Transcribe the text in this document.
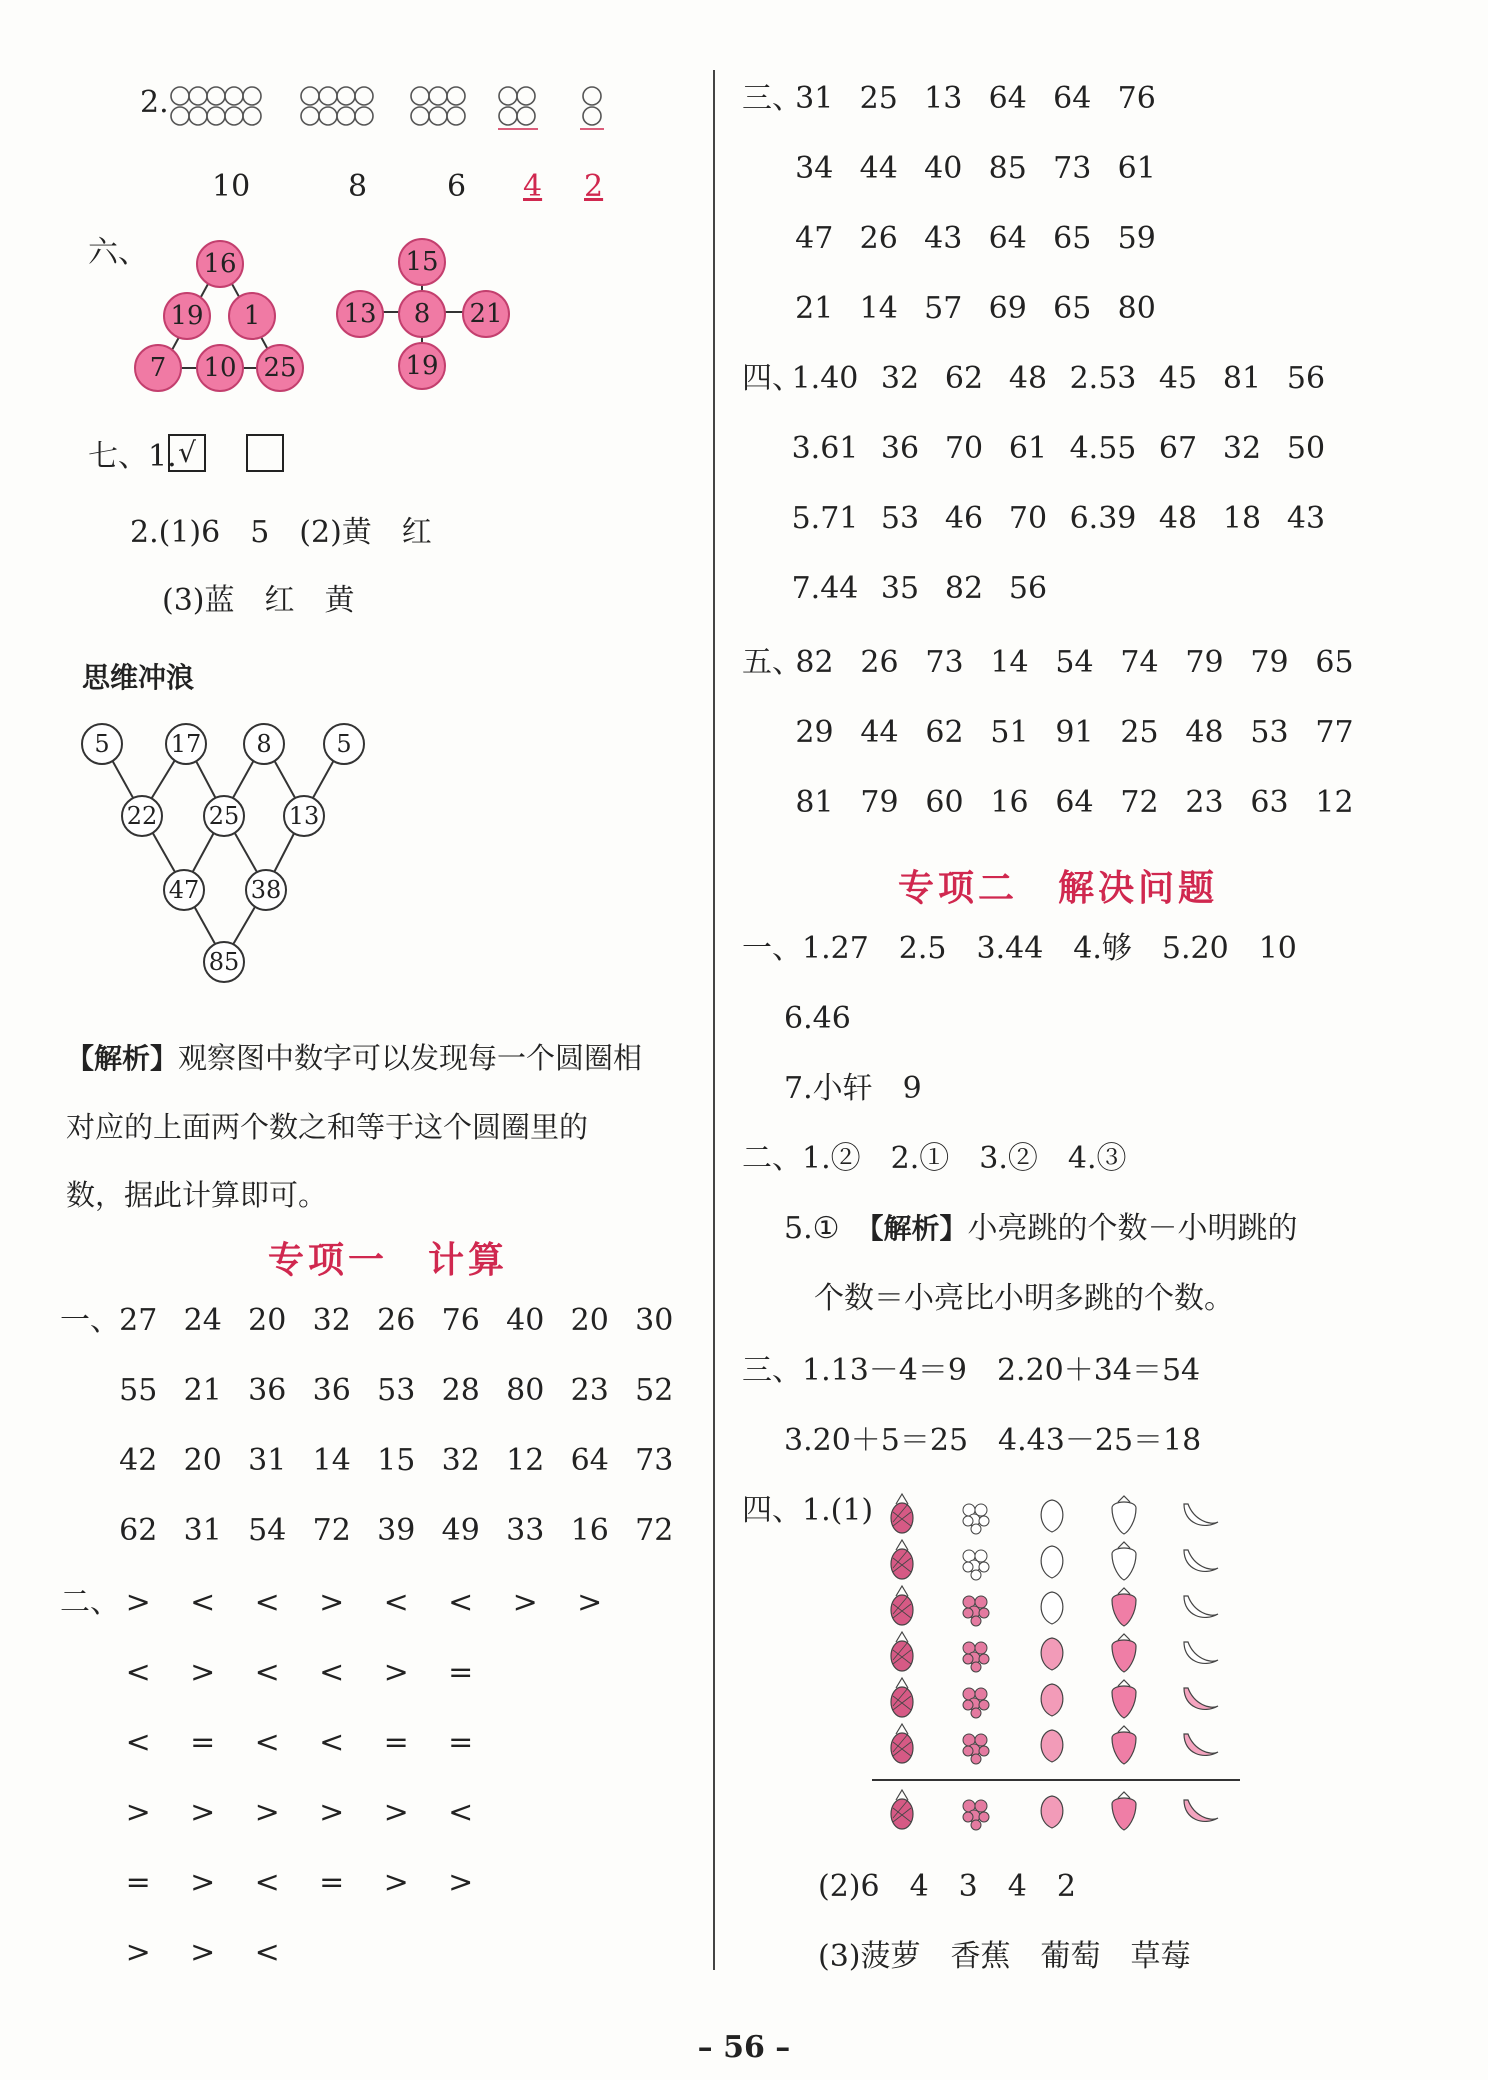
2.
10	8	6 4 2
六、 16
19	1
7	10 25
15
13	8	21
19
七、1. √
2.(1)6　5　(2)黄　红
(3)蓝　红　黄
思维冲浪
5	17	8	5
22 25 13
47 38
85
【解析】观察图中数字可以发现每一个圆圈相
对应的上面两个数之和等于这个圆圈里的
数，据此计算即可。
专项一　计算
一、 27 24 20 32 26 76 40 20 30
55 21 36 36 53 28 80 23 52
42 20 31 14 15 32 12 64 73
62 31 54 72 39 49 33 16 72
二、 >	<	<	>	<	<	>	>
<	>	<	<	>	=
<	=	<	<	=	=
>	>	>	>	>	<
=	>	<	=	>	>
>	>	<
三、
31 25 13 64 64 76
34 44 40 85 73 61
47 26 43 64 65 59
21 14 57 69 65 80
四、
1.40 32 62 48 2.53 45 81 56
3.61 36 70 61 4.55 67 32 50
5.71 53 46 70 6.39 48 18 43
7.44 35 82 56
五、
82 26 73 14 54 74 79 79 65
29 44 62 51 91 25 48 53 77
81 79 60 16 64 72 23 63 12
专项二　解决问题
一、1.27　2.5　3.44　4.够　5.20　10
6.46
7.小轩　9
二、1.②　2.①　3.②　4.③
5.①　【解析】小亮跳的个数－小明跳的
个数＝小亮比小明多跳的个数。
三、1.13－4＝9　2.20＋34＝54
3.20＋5＝25　4.43－25＝18
四、1.(1)
(2)6　4　3　4　2
(3)菠萝　香蕉　葡萄　草莓
– 56 –
